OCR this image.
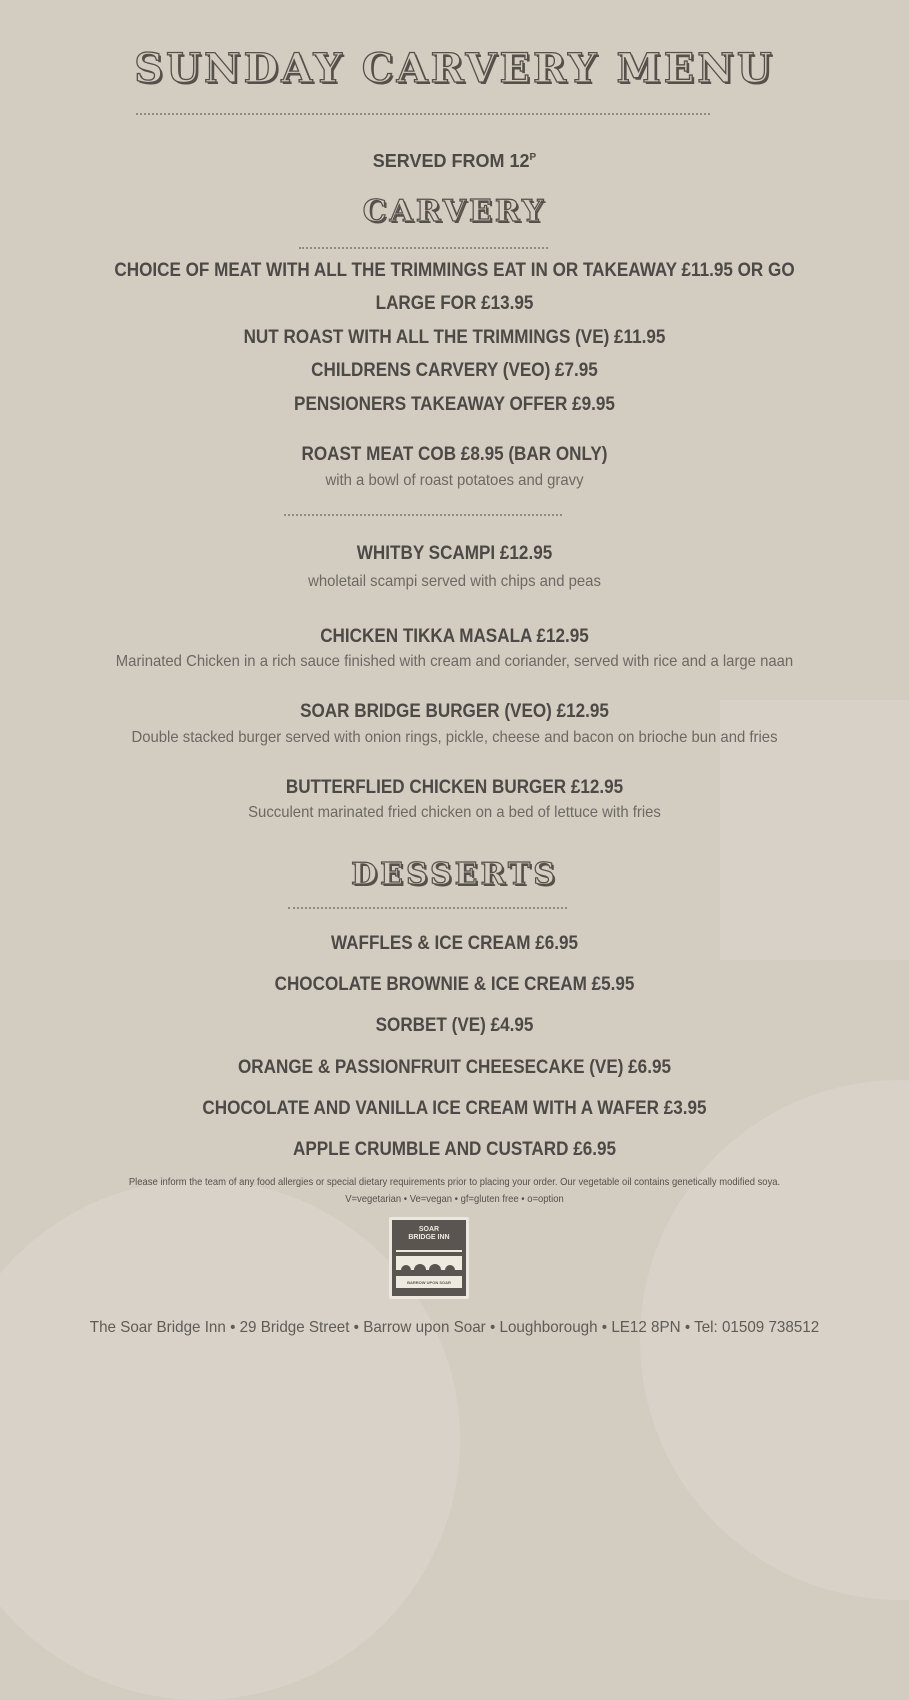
SUNDAY CARVERY MENU
SERVED FROM $12^P$
CARVERY
CHOICE OF MEAT WITH ALL THE TRIMMINGS EAT IN OR TAKEAWAY £11.95 OR GO
LARGE FOR £13.95
NUT ROAST WITH ALL THE TRIMMINGS (VE) £11.95
CHILDRENS CARVERY (VEO) £7.95
PENSIONERS TAKEAWAY OFFER £9.95
ROAST MEAT COB £8.95 (BAR ONLY)
with a bowl of roast potatoes and gravy
WHITBY SCAMPI £12.95
wholetail scampi served with chips and peas
CHICKEN TIKKA MASALA £12.95
Marinated Chicken in a rich sauce finished with cream and coriander, served with rice and a large naan
SOAR BRIDGE BURGER (VEO) £12.95
Double stacked burger served with onion rings, pickle, cheese and bacon on brioche bun and fries
BUTTERFLIED CHICKEN BURGER £12.95
Succulent marinated fried chicken on a bed of lettuce with fries
DESSERTS
WAFFLES & ICE CREAM £6.95
CHOCOLATE BROWNIE & ICE CREAM £5.95
SORBET (VE) £4.95
ORANGE & PASSIONFRUIT CHEESECAKE (VE) £6.95
CHOCOLATE AND VANILLA ICE CREAM WITH A WAFER £3.95
APPLE CRUMBLE AND CUSTARD £6.95
Please inform the team of any food allergies or special dietary requirements prior to placing your order. Our vegetable oil contains genetically modified soya.
V=vegetarian • Ve=vegan • gf=gluten free • o=option
SOAR
BRIDGE INN
BARROW UPON SOAR
The Soar Bridge Inn • 29 Bridge Street • Barrow upon Soar • Loughborough • LE12 8PN • Tel: 01509 738512
